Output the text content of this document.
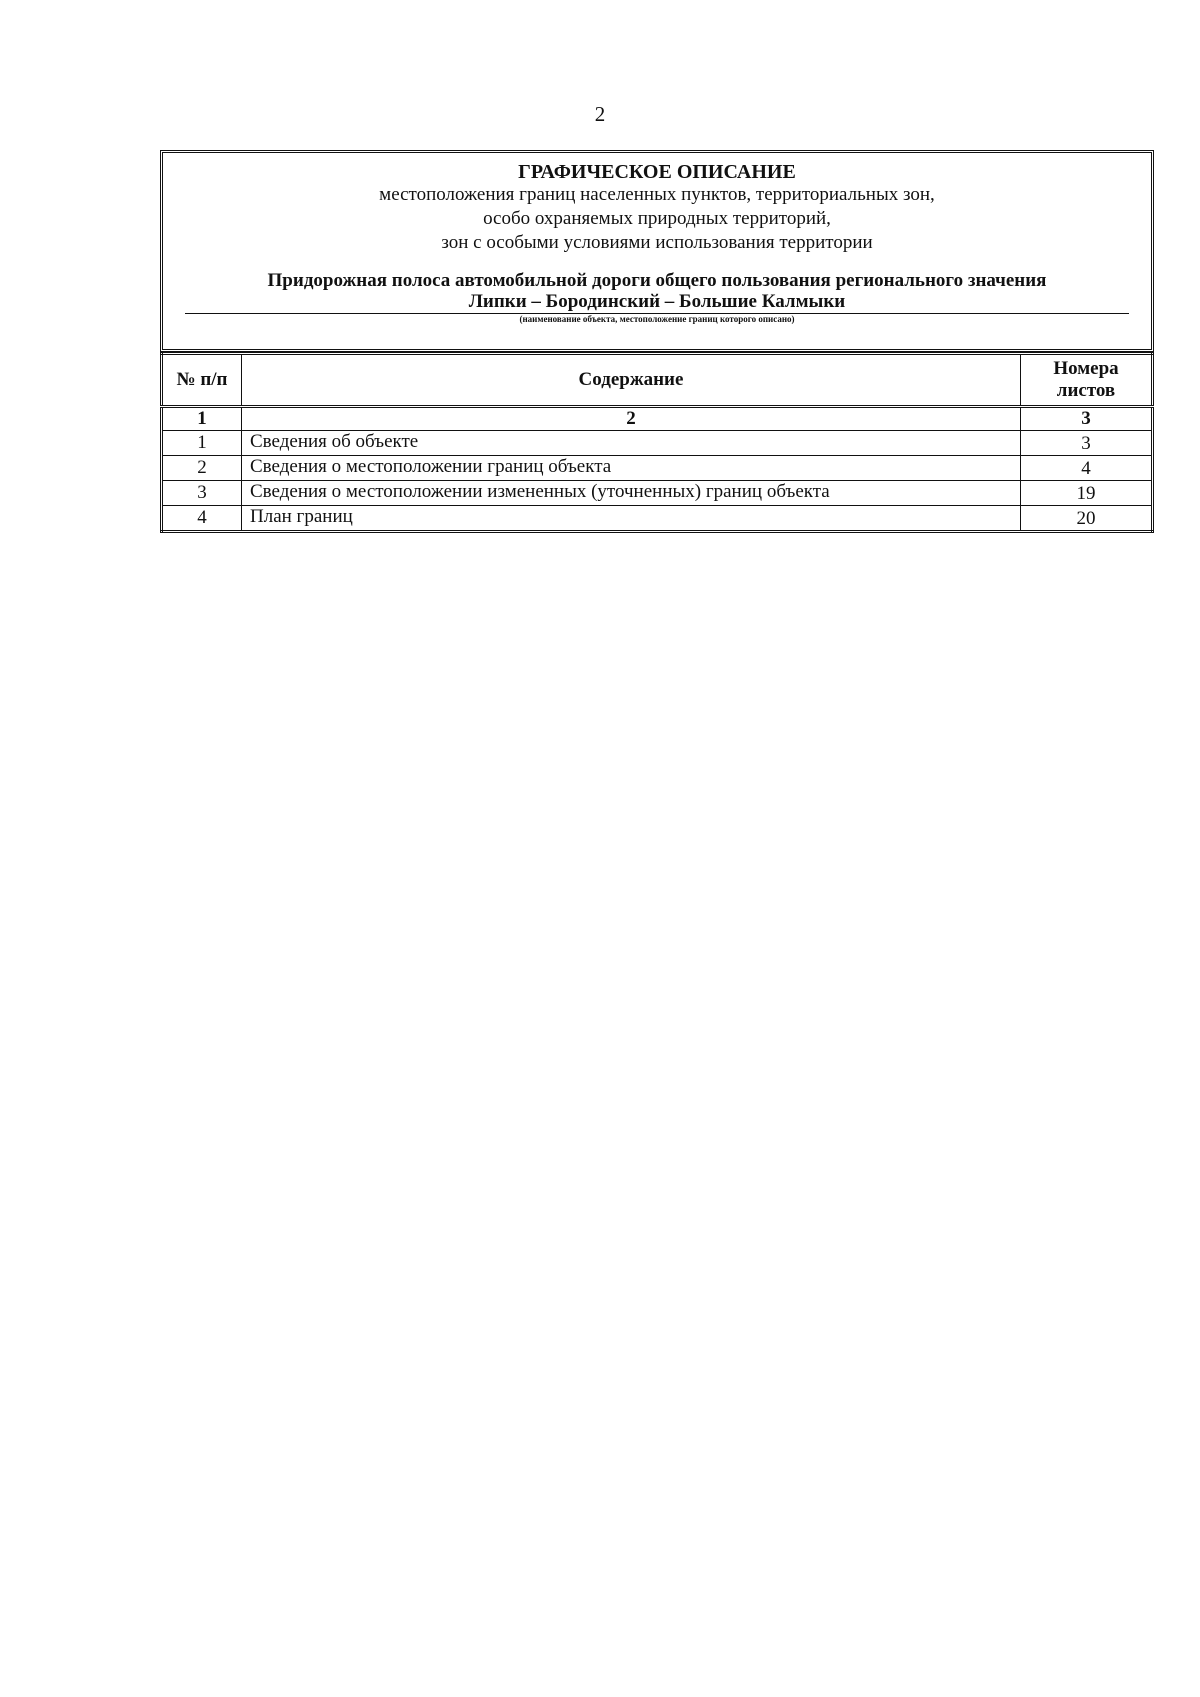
2
ГРАФИЧЕСКОЕ ОПИСАНИЕ
местоположения границ населенных пунктов, территориальных зон,
особо охраняемых природных территорий,
зон с особыми условиями использования территории
Придорожная полоса автомобильной дороги общего пользования регионального значения
Липки – Бородинский – Большие Калмыки
(наименование объекта, местоположение границ которого описано)
№ п/п	Содержание	Номера листов
1	2	3
1	Сведения об объекте	3
2	Сведения о местоположении границ объекта	4
3	Сведения о местоположении измененных (уточненных) границ объекта	19
4	План границ	20
